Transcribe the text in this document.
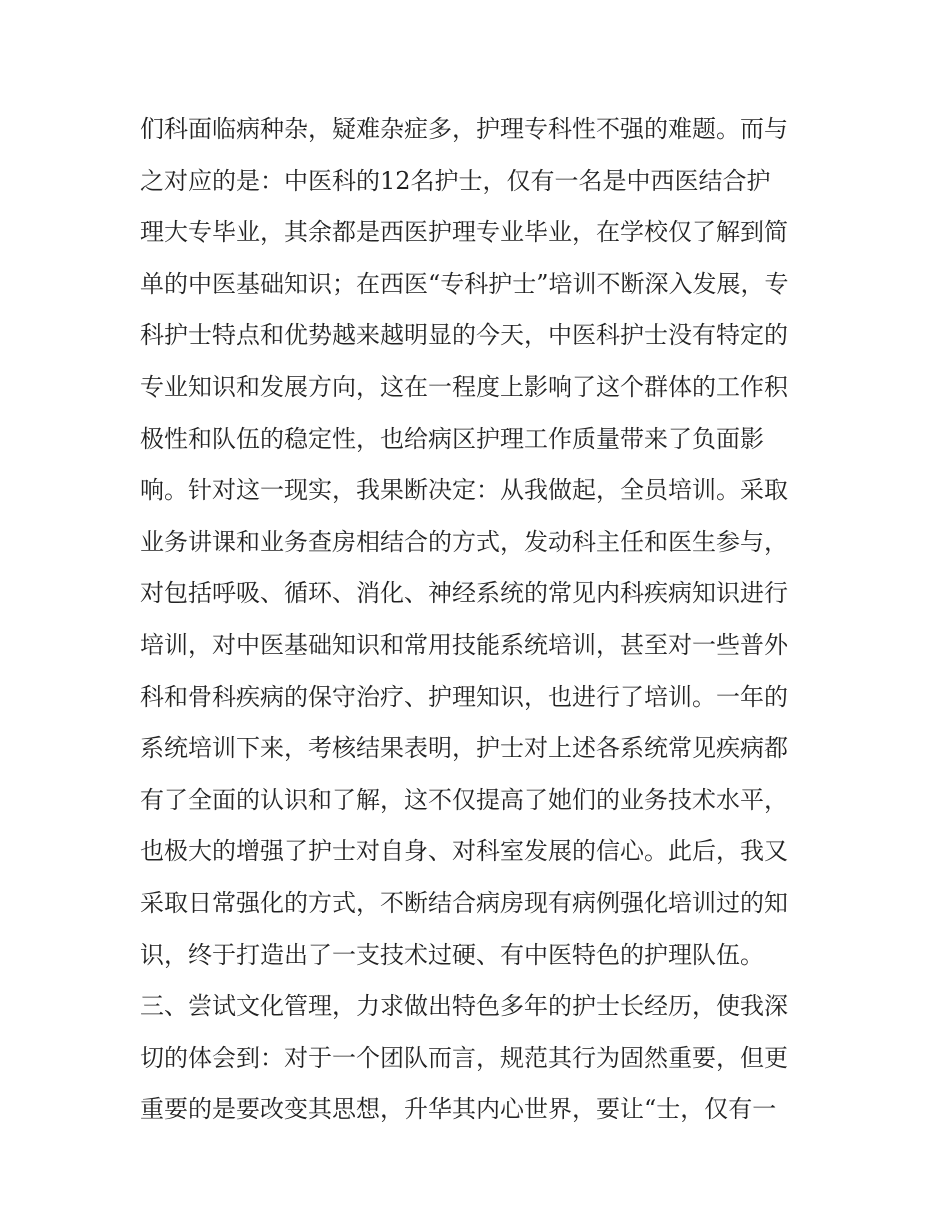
们科面临病种杂，疑难杂症多，护理专科性不强的难题。而与
之对应的是：中医科的12名护士，仅有一名是中西医结合护
理大专毕业，其余都是西医护理专业毕业，在学校仅了解到简
单的中医基础知识；在西医“专科护士”培训不断深入发展，专
科护士特点和优势越来越明显的今天，中医科护士没有特定的
专业知识和发展方向，这在一程度上影响了这个群体的工作积
极性和队伍的稳定性，也给病区护理工作质量带来了负面影
响。针对这一现实，我果断决定：从我做起，全员培训。采取
业务讲课和业务查房相结合的方式，发动科主任和医生参与，
对包括呼吸、循环、消化、神经系统的常见内科疾病知识进行
培训，对中医基础知识和常用技能系统培训，甚至对一些普外
科和骨科疾病的保守治疗、护理知识，也进行了培训。一年的
系统培训下来，考核结果表明，护士对上述各系统常见疾病都
有了全面的认识和了解，这不仅提高了她们的业务技术水平，
也极大的增强了护士对自身、对科室发展的信心。此后，我又
采取日常强化的方式，不断结合病房现有病例强化培训过的知
识，终于打造出了一支技术过硬、有中医特色的护理队伍。
三、尝试文化管理，力求做出特色多年的护士长经历，使我深
切的体会到：对于一个团队而言，规范其行为固然重要，但更
重要的是要改变其思想，升华其内心世界，要让“士，仅有一
